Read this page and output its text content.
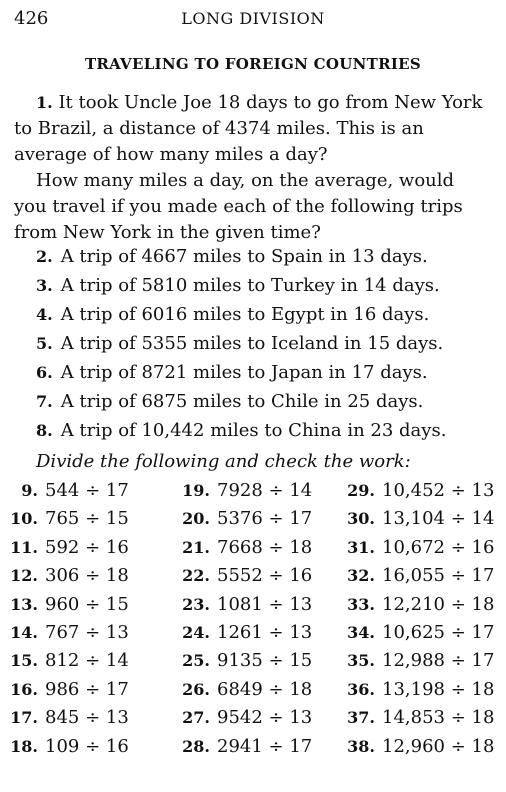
426	LONG DIVISION
TRAVELING TO FOREIGN COUNTRIES

1. It took Uncle Joe 18 days to go from New York to Brazil, a distance of 4374 miles. This is an average of how many miles a day?

How many miles a day, on the average, would you travel if you made each of the following trips from New York in the given time?

2. A trip of 4667 miles to Spain in 13 days.
3. A trip of 5810 miles to Turkey in 14 days.
4. A trip of 6016 miles to Egypt in 16 days.
5. A trip of 5355 miles to Iceland in 15 days.
6. A trip of 8721 miles to Japan in 17 days.
7. A trip of 6875 miles to Chile in 25 days.
8. A trip of 10,442 miles to China in 23 days.
Divide the following and check the work:
9. 544 ÷ 17
10. 765 ÷ 15
11. 592 ÷ 16
12. 306 ÷ 18
13. 960 ÷ 15
14. 767 ÷ 13
15. 812 ÷ 14
16. 986 ÷ 17
17. 845 ÷ 13
18. 109 ÷ 16
19. 7928 ÷ 14
20. 5376 ÷ 17
21. 7668 ÷ 18
22. 5552 ÷ 16
23. 1081 ÷ 13
24. 1261 ÷ 13
25. 9135 ÷ 15
26. 6849 ÷ 18
27. 9542 ÷ 13
28. 2941 ÷ 17
29. 10,452 ÷ 13
30. 13,104 ÷ 14
31. 10,672 ÷ 16
32. 16,055 ÷ 17
33. 12,210 ÷ 18
34. 10,625 ÷ 17
35. 12,988 ÷ 17
36. 13,198 ÷ 18
37. 14,853 ÷ 18
38. 12,960 ÷ 18
